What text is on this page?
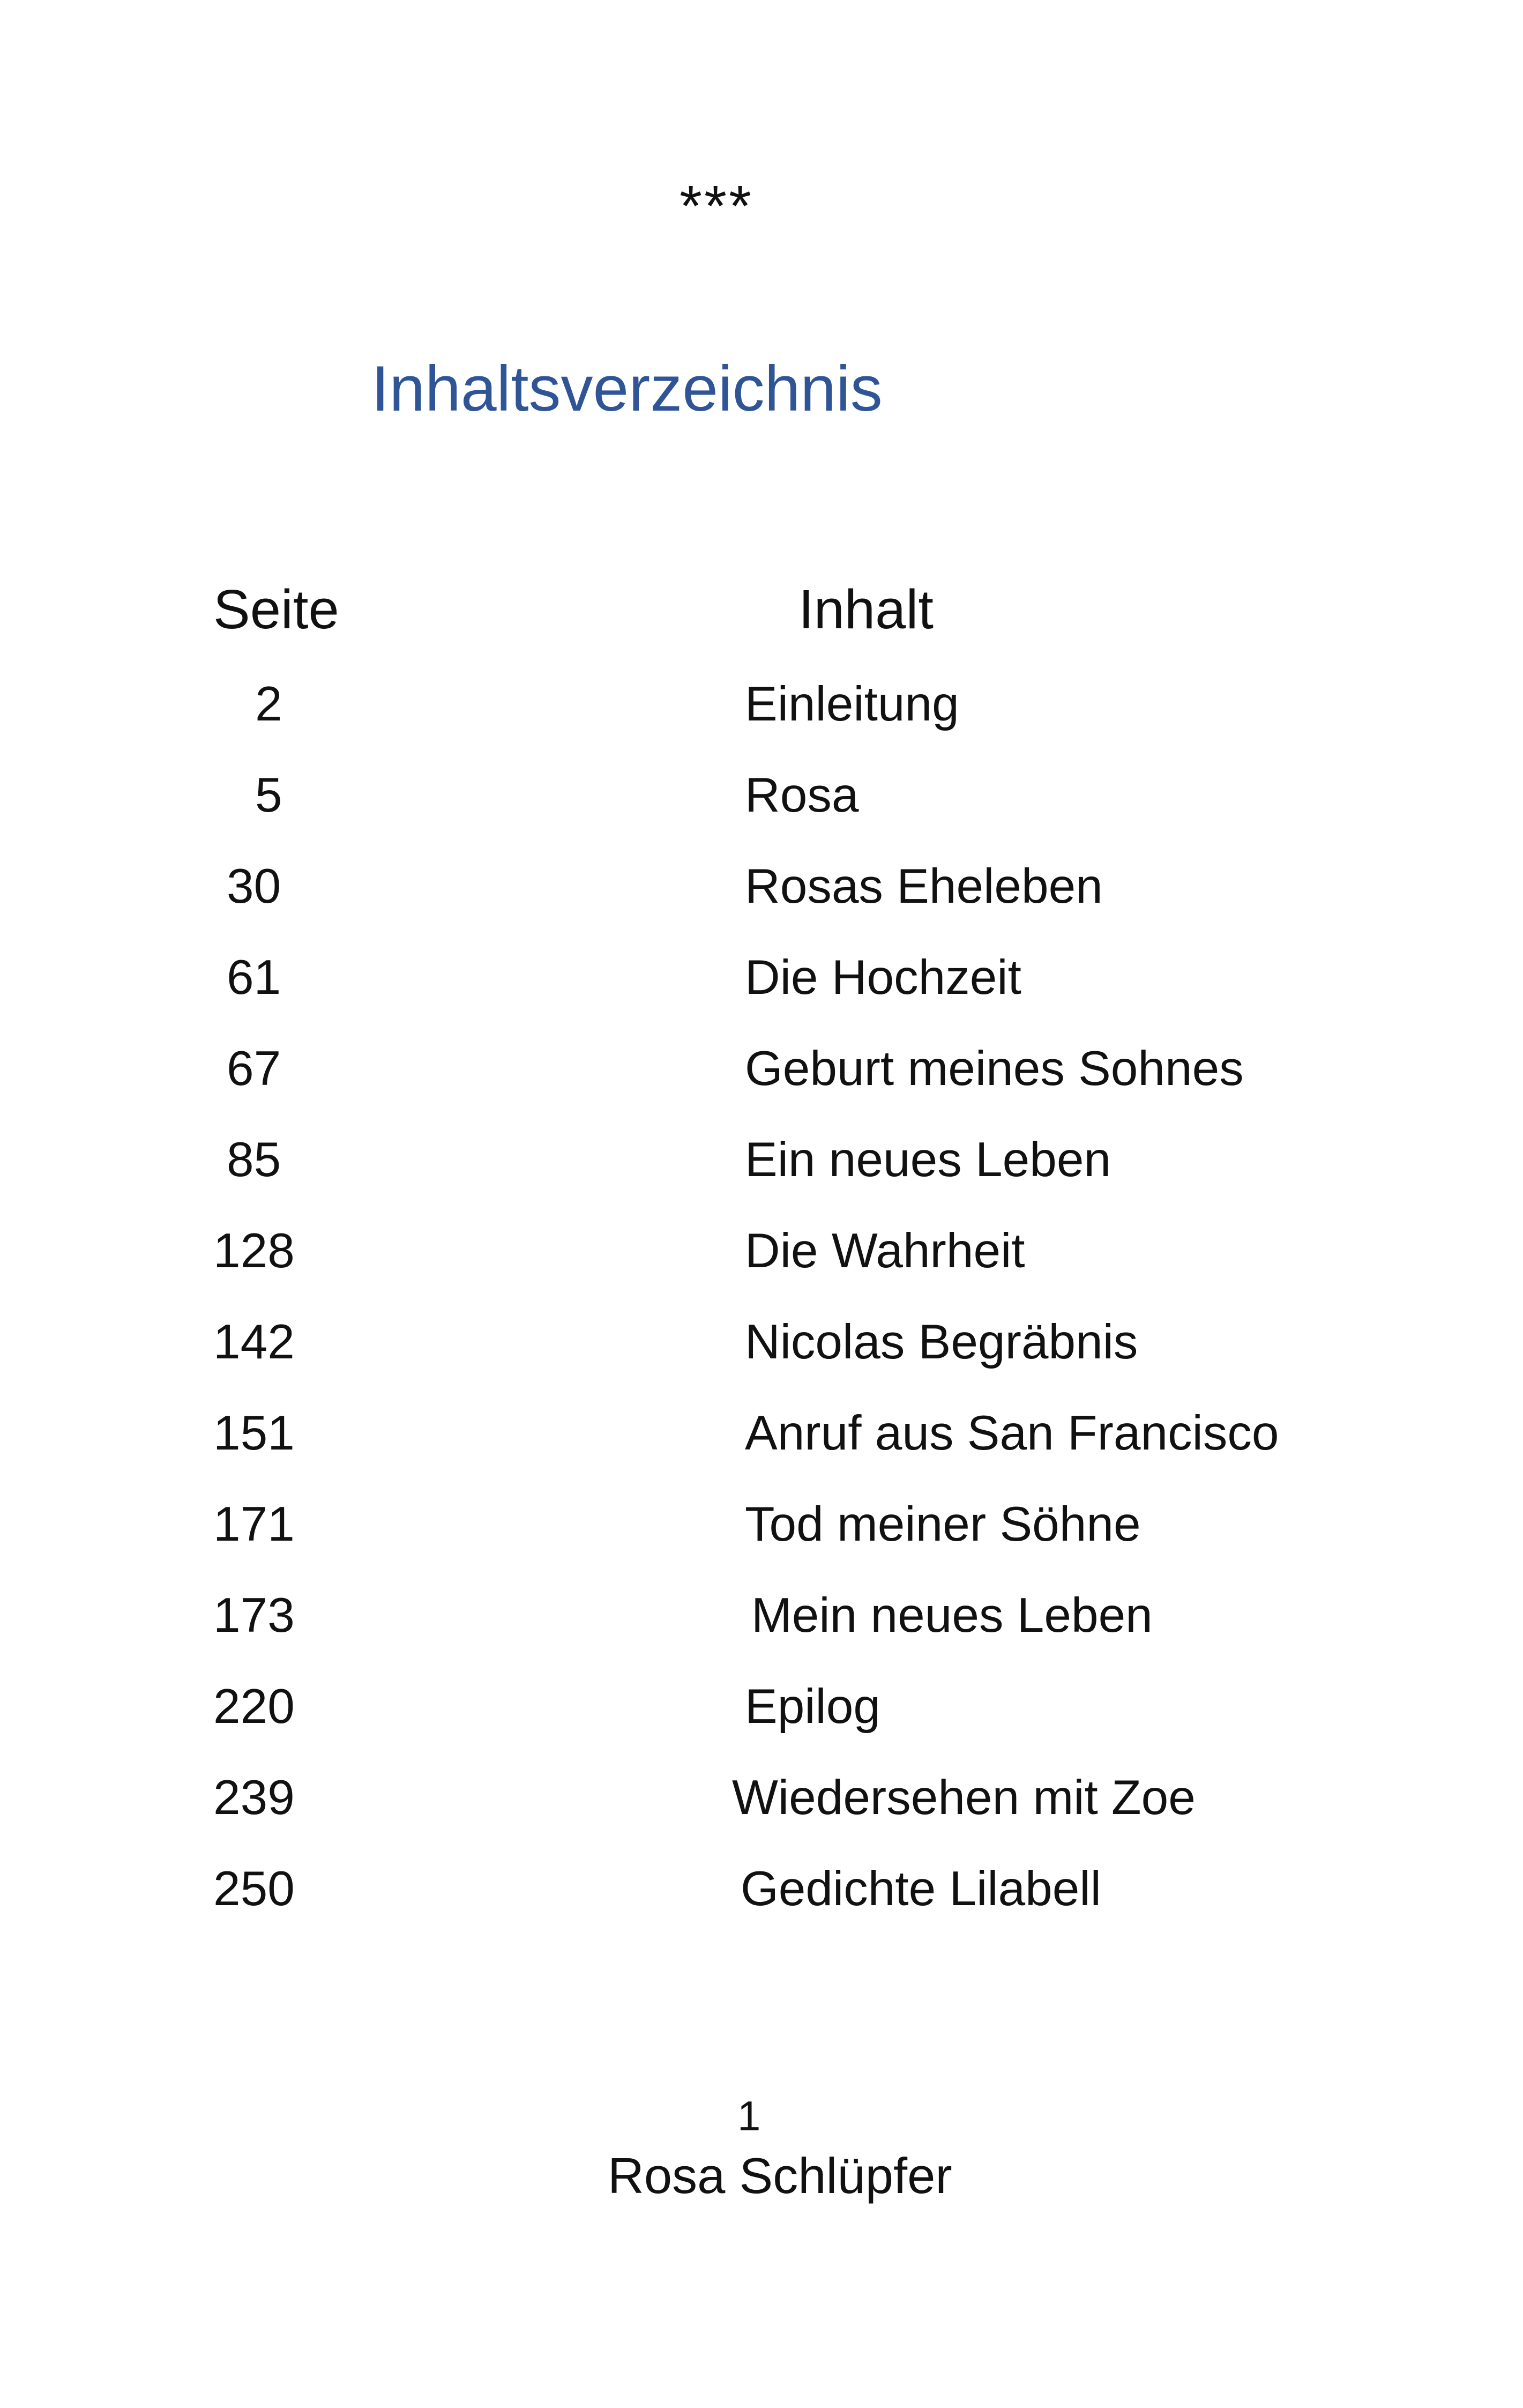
***
Inhaltsverzeichnis
Seite	Inhalt
2	Einleitung
5	Rosa
30	Rosas Eheleben
61	Die Hochzeit
67	Geburt meines Sohnes
85	Ein neues Leben
128	Die Wahrheit
142	Nicolas Begräbnis
151	Anruf aus San Francisco
171	Tod meiner Söhne
173	Mein neues Leben
220	Epilog
239	Wiedersehen mit Zoe
250	Gedichte Lilabell
1
Rosa Schlüpfer
